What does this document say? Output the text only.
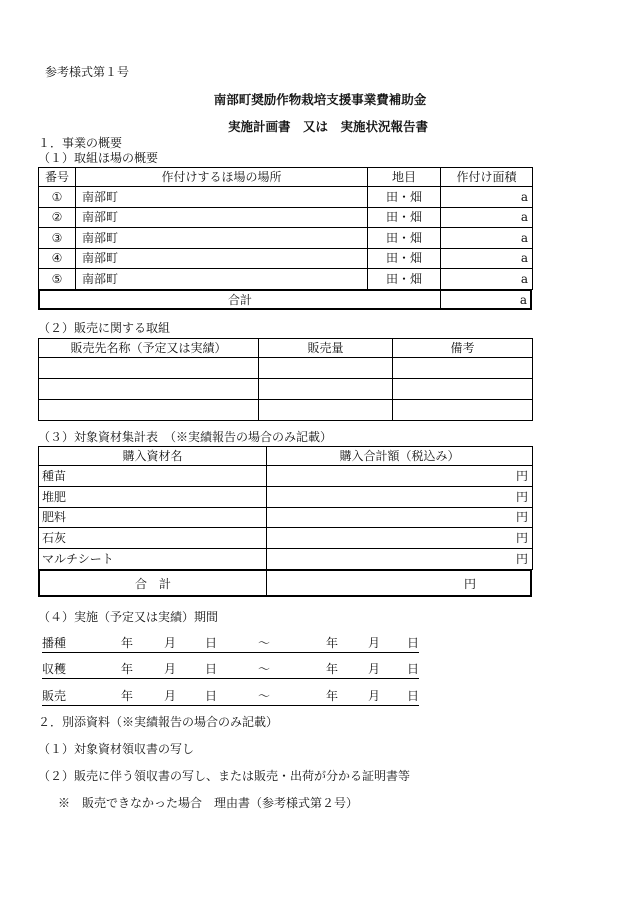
参考様式第１号
南部町奨励作物栽培支援事業費補助金
実施計画書　又は　実施状況報告書
１．事業の概要
（１）取組ほ場の概要
番号	作付けするほ場の場所	地目	作付け面積
①	南部町	田・畑	a
②	南部町	田・畑	a
③	南部町	田・畑	a
④	南部町	田・畑	a
⑤	南部町	田・畑	a
合計	a
（２）販売に関する取組
販売先名称（予定又は実績）	販売量	備考

（３）対象資材集計表　（※実績報告の場合のみ記載）
購入資材名	購入合計額（税込み）
種苗	円
堆肥	円
肥料	円
石灰	円
マルチシート	円
合　計	円
（４）実施（予定又は実績）期間
播種	年	月 日	～	年 月 日
収穫	年	月 日	～	年 月 日
販売	年	月 日	～	年 月 日
２．別添資料（※実績報告の場合のみ記載）
（１）対象資材領収書の写し
（２）販売に伴う領収書の写し、または販売・出荷が分かる証明書等
※　販売できなかった場合　理由書（参考様式第２号）
